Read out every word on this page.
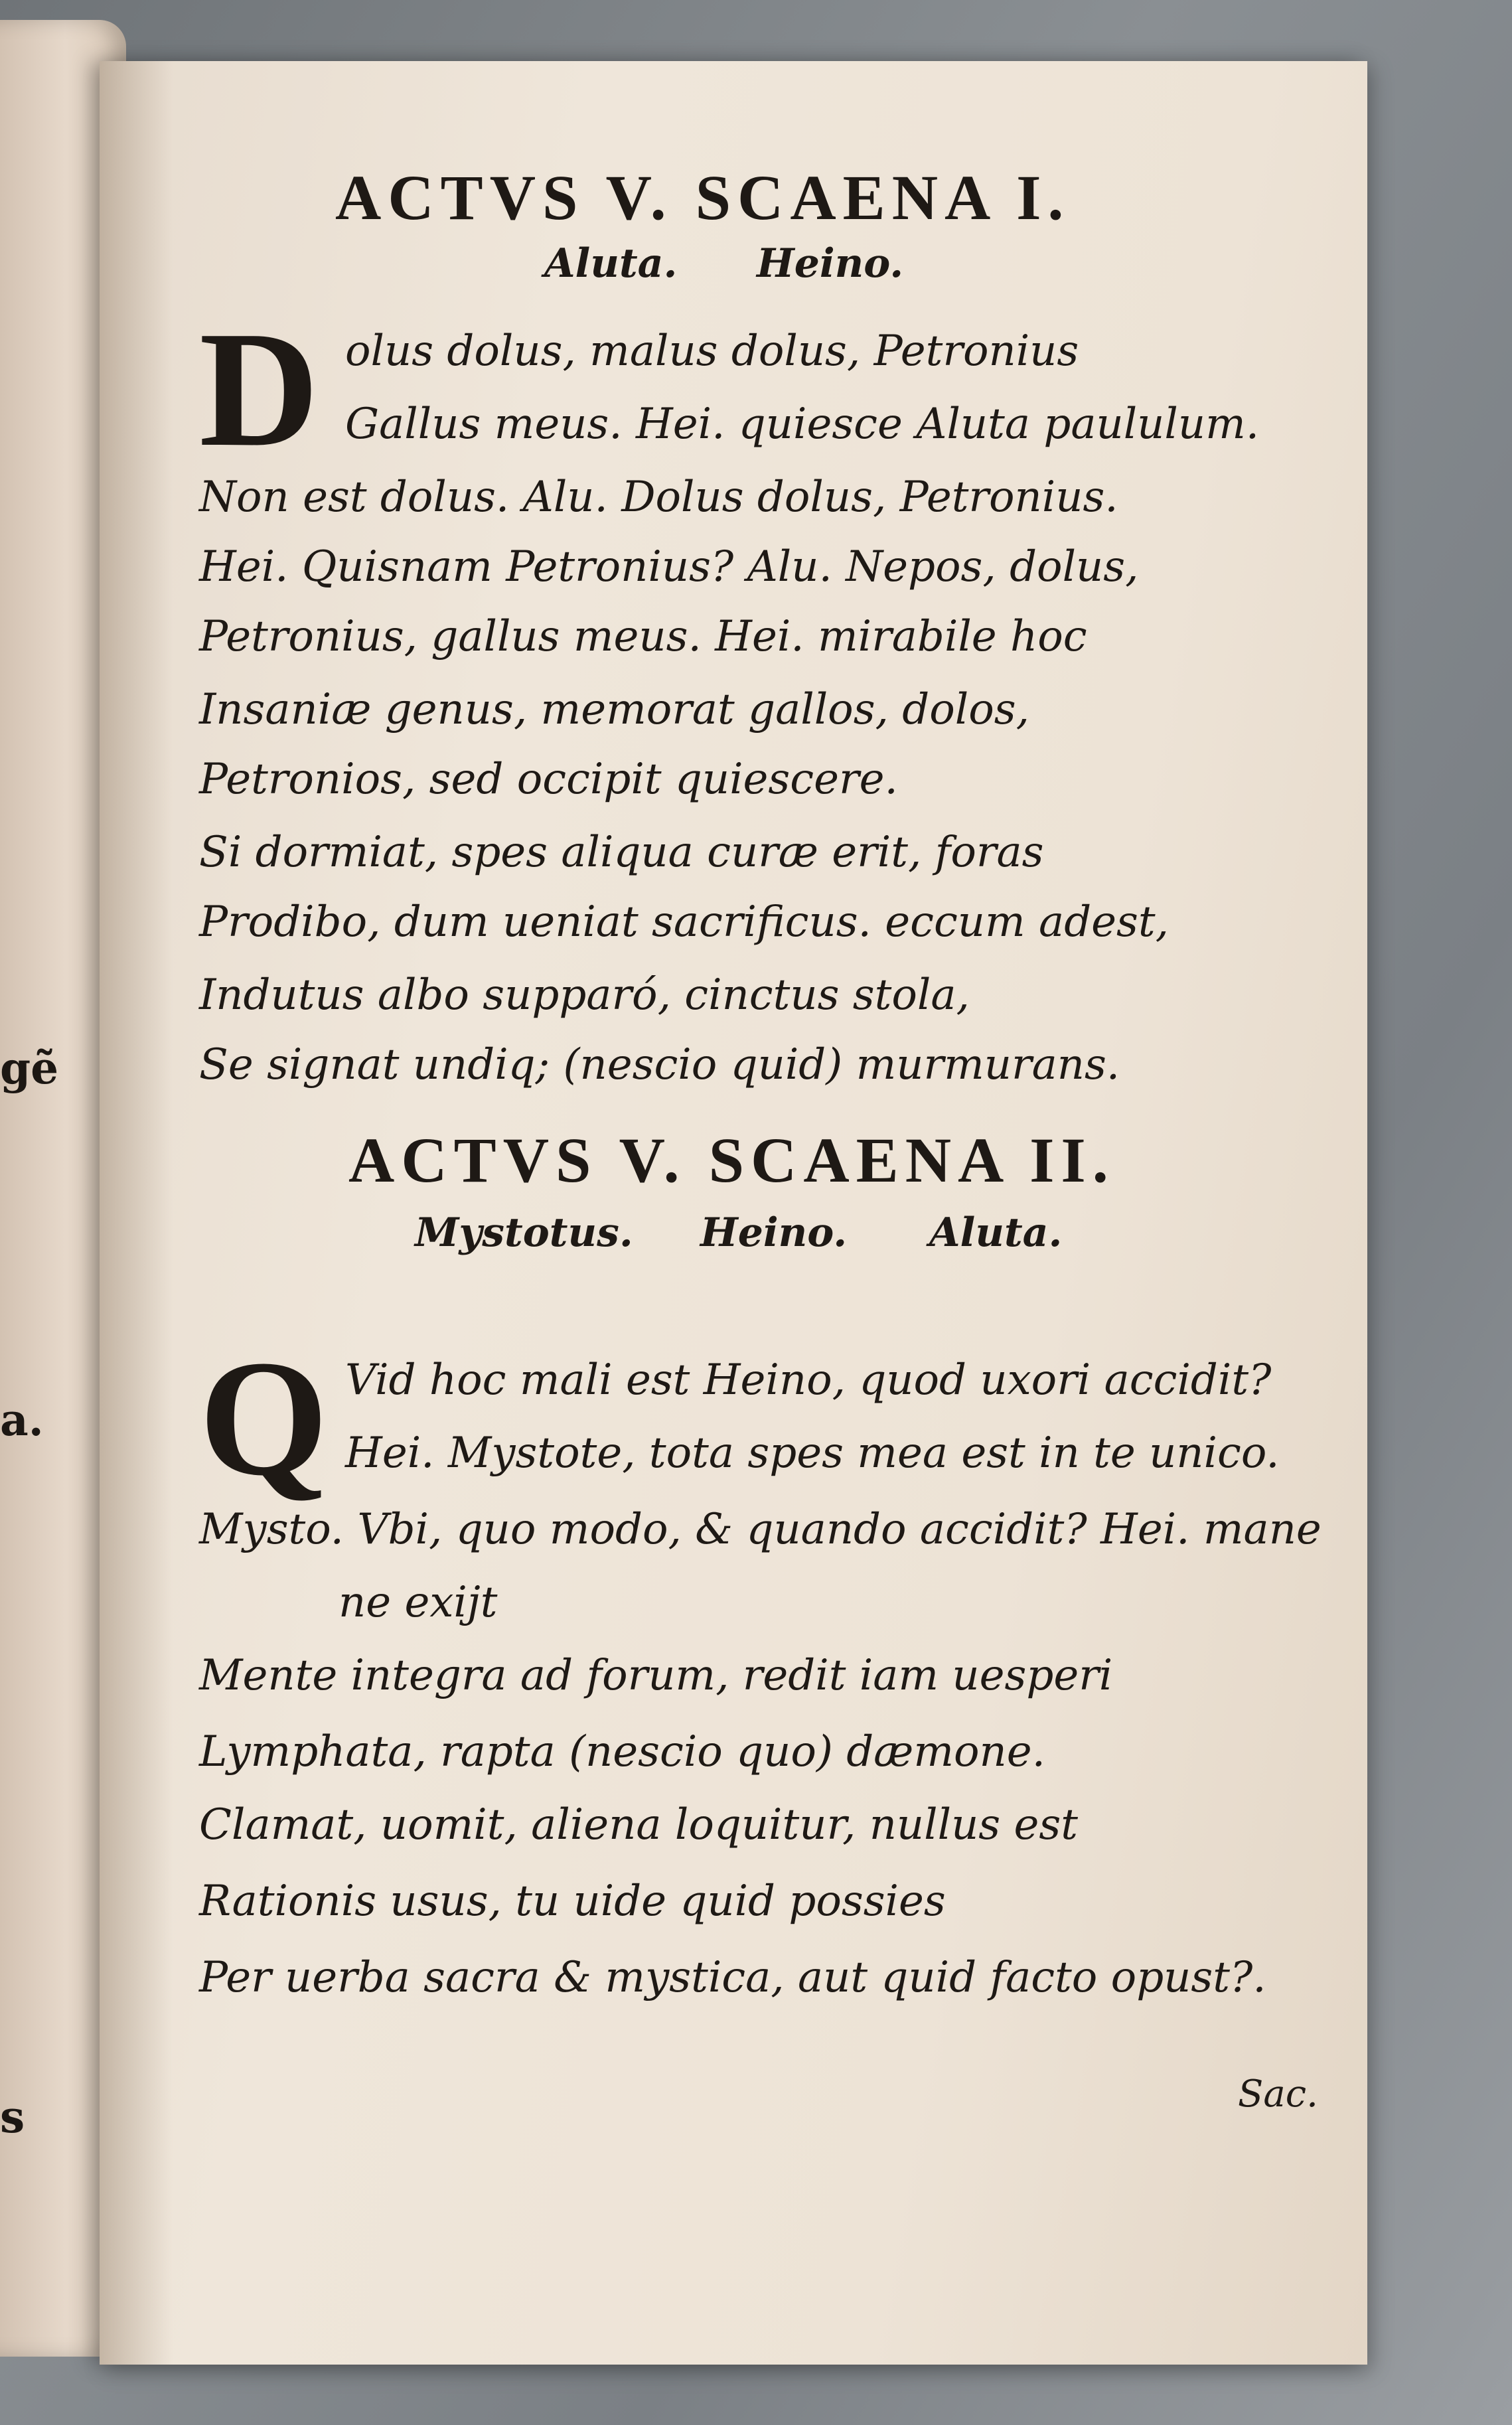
gẽ
a.
s
ACTVS V. SCAENA I.
Aluta. Heino.
D olus dolus, malus dolus, Petronius
Gallus meus. Hei. quiesce Aluta paululum.
Non est dolus. Alu. Dolus dolus, Petronius.
Hei. Quisnam Petronius? Alu. Nepos, dolus,
Petronius, gallus meus. Hei. mirabile hoc
Insaniæ genus, memorat gallos, dolos,
Petronios, sed occipit quiescere.
Si dormiat, spes aliqua curæ erit, foras
Prodibo, dum ueniat sacrificus. eccum adest,
Indutus albo supparó, cinctus stola,
Se signat undiq; (nescio quid) murmurans.
ACTVS V. SCAENA II.
Mystotus. Heino. Aluta.
Q Vid hoc mali est Heino, quod uxori accidit?
Hei. Mystote, tota spes mea est in te unico.
Mysto. Vbi, quo modo, & quando accidit? Hei. mane
ne exijt
Mente integra ad forum, redit iam uesperi
Lymphata, rapta (nescio quo) dæmone.
Clamat, uomit, aliena loquitur, nullus est
Rationis usus, tu uide quid possies
Per uerba sacra & mystica, aut quid facto opust?.
Sac.
